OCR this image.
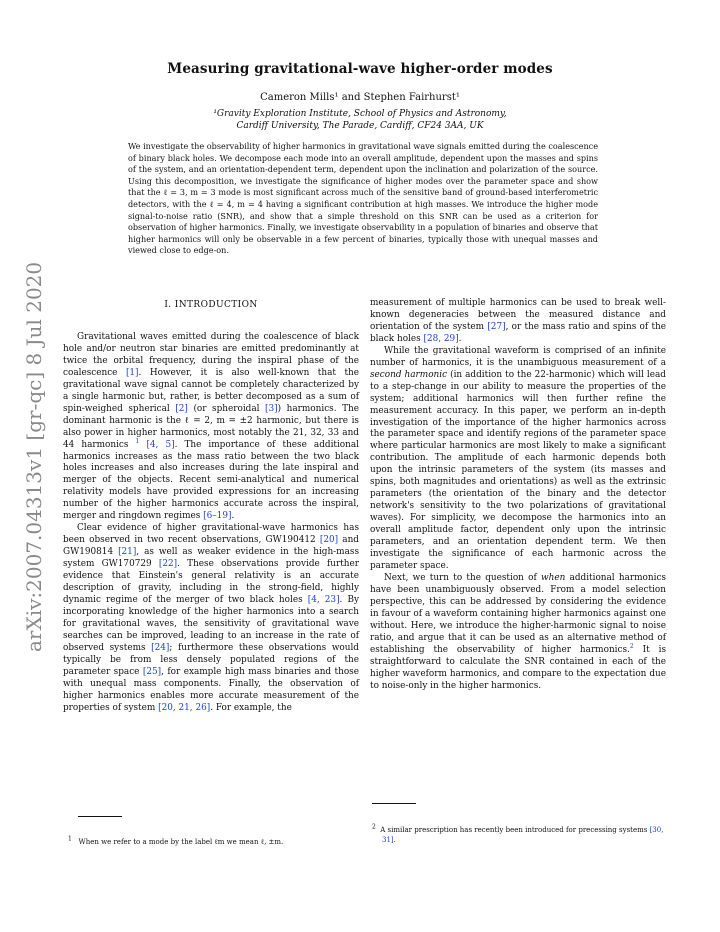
Measuring gravitational-wave higher-order modes
Cameron Mills¹ and Stephen Fairhurst¹
¹Gravity Exploration Institute, School of Physics and Astronomy,
Cardiff University, The Parade, Cardiff, CF24 3AA, UK
We investigate the observability of higher harmonics in gravitational wave signals emitted during the coalescence of binary black holes. We decompose each mode into an overall amplitude, dependent upon the masses and spins of the system, and an orientation-dependent term, dependent upon the inclination and polarization of the source. Using this decomposition, we investigate the significance of higher modes over the parameter space and show that the ℓ = 3, m = 3 mode is most significant across much of the sensitive band of ground-based interferometric detectors, with the ℓ = 4, m = 4 having a significant contribution at high masses. We introduce the higher mode signal-to-noise ratio (SNR), and show that a simple threshold on this SNR can be used as a criterion for observation of higher harmonics. Finally, we investigate observability in a population of binaries and observe that higher harmonics will only be observable in a few percent of binaries, typically those with unequal masses and viewed close to edge-on.
arXiv:2007.04313v1 [gr-qc] 8 Jul 2020	I. INTRODUCTION

Gravitational waves emitted during the coalescence of black hole and/or neutron star binaries are emitted predominantly at twice the orbital frequency, during the inspiral phase of the coalescence [1]. However, it is also well-known that the gravitational wave signal cannot be completely characterized by a single harmonic but, rather, is better decomposed as a sum of spin-weighed spherical [2] (or spheroidal [3]) harmonics. The dominant harmonic is the ℓ = 2, m = ±2 harmonic, but there is also power in higher harmonics, most notably the 21, 32, 33 and 44 harmonics $^1$ [4, 5]. The importance of these additional harmonics increases as the mass ratio between the two black holes increases and also increases during the late inspiral and merger of the objects. Recent semi-analytical and numerical relativity models have provided expressions for an increasing number of the higher harmonics accurate across the inspiral, merger and ringdown regimes [6–19].

Clear evidence of higher gravitational-wave harmonics has been observed in two recent observations, GW190412 [20] and GW190814 [21], as well as weaker evidence in the high-mass system GW170729 [22]. These observations provide further evidence that Einstein's general relativity is an accurate description of gravity, including in the strong-field, highly dynamic regime of the merger of two black holes [4, 23]. By incorporating knowledge of the higher harmonics into a search for gravitational waves, the sensitivity of gravitational wave searches can be improved, leading to an increase in the rate of observed systems [24]; furthermore these observations would typically be from less densely populated regions of the parameter space [25], for example high mass binaries and those with unequal mass components. Finally, the observation of higher harmonics enables more accurate measurement of the properties of system [20, 21, 26]. For example, the

$^1$ When we refer to a mode by the label ℓm we mean ℓ, ±m.

measurement of multiple harmonics can be used to break well-known degeneracies between the measured distance and orientation of the system [27], or the mass ratio and spins of the black holes [28, 29].

While the gravitational waveform is comprised of an infinite number of harmonics, it is the unambiguous measurement of a second harmonic (in addition to the 22-harmonic) which will lead to a step-change in our ability to measure the properties of the system; additional harmonics will then further refine the measurement accuracy. In this paper, we perform an in-depth investigation of the importance of the higher harmonics across the parameter space and identify regions of the parameter space where particular harmonics are most likely to make a significant contribution. The amplitude of each harmonic depends both upon the intrinsic parameters of the system (its masses and spins, both magnitudes and orientations) as well as the extrinsic parameters (the orientation of the binary and the detector network's sensitivity to the two polarizations of gravitational waves). For simplicity, we decompose the harmonics into an overall amplitude factor, dependent only upon the intrinsic parameters, and an orientation dependent term. We then investigate the significance of each harmonic across the parameter space.

Next, we turn to the question of when additional harmonics have been unambiguously observed. From a model selection perspective, this can be addressed by considering the evidence in favour of a waveform containing higher harmonics against one without. Here, we introduce the higher-harmonic signal to noise ratio, and argue that it can be used as an alternative method of establishing the observability of higher harmonics.$^2$ It is straightforward to calculate the SNR contained in each of the higher waveform harmonics, and compare to the expectation due to noise-only in the higher harmonics.

$^2$ A similar prescription has recently been introduced for precessing systems [30, 31].
